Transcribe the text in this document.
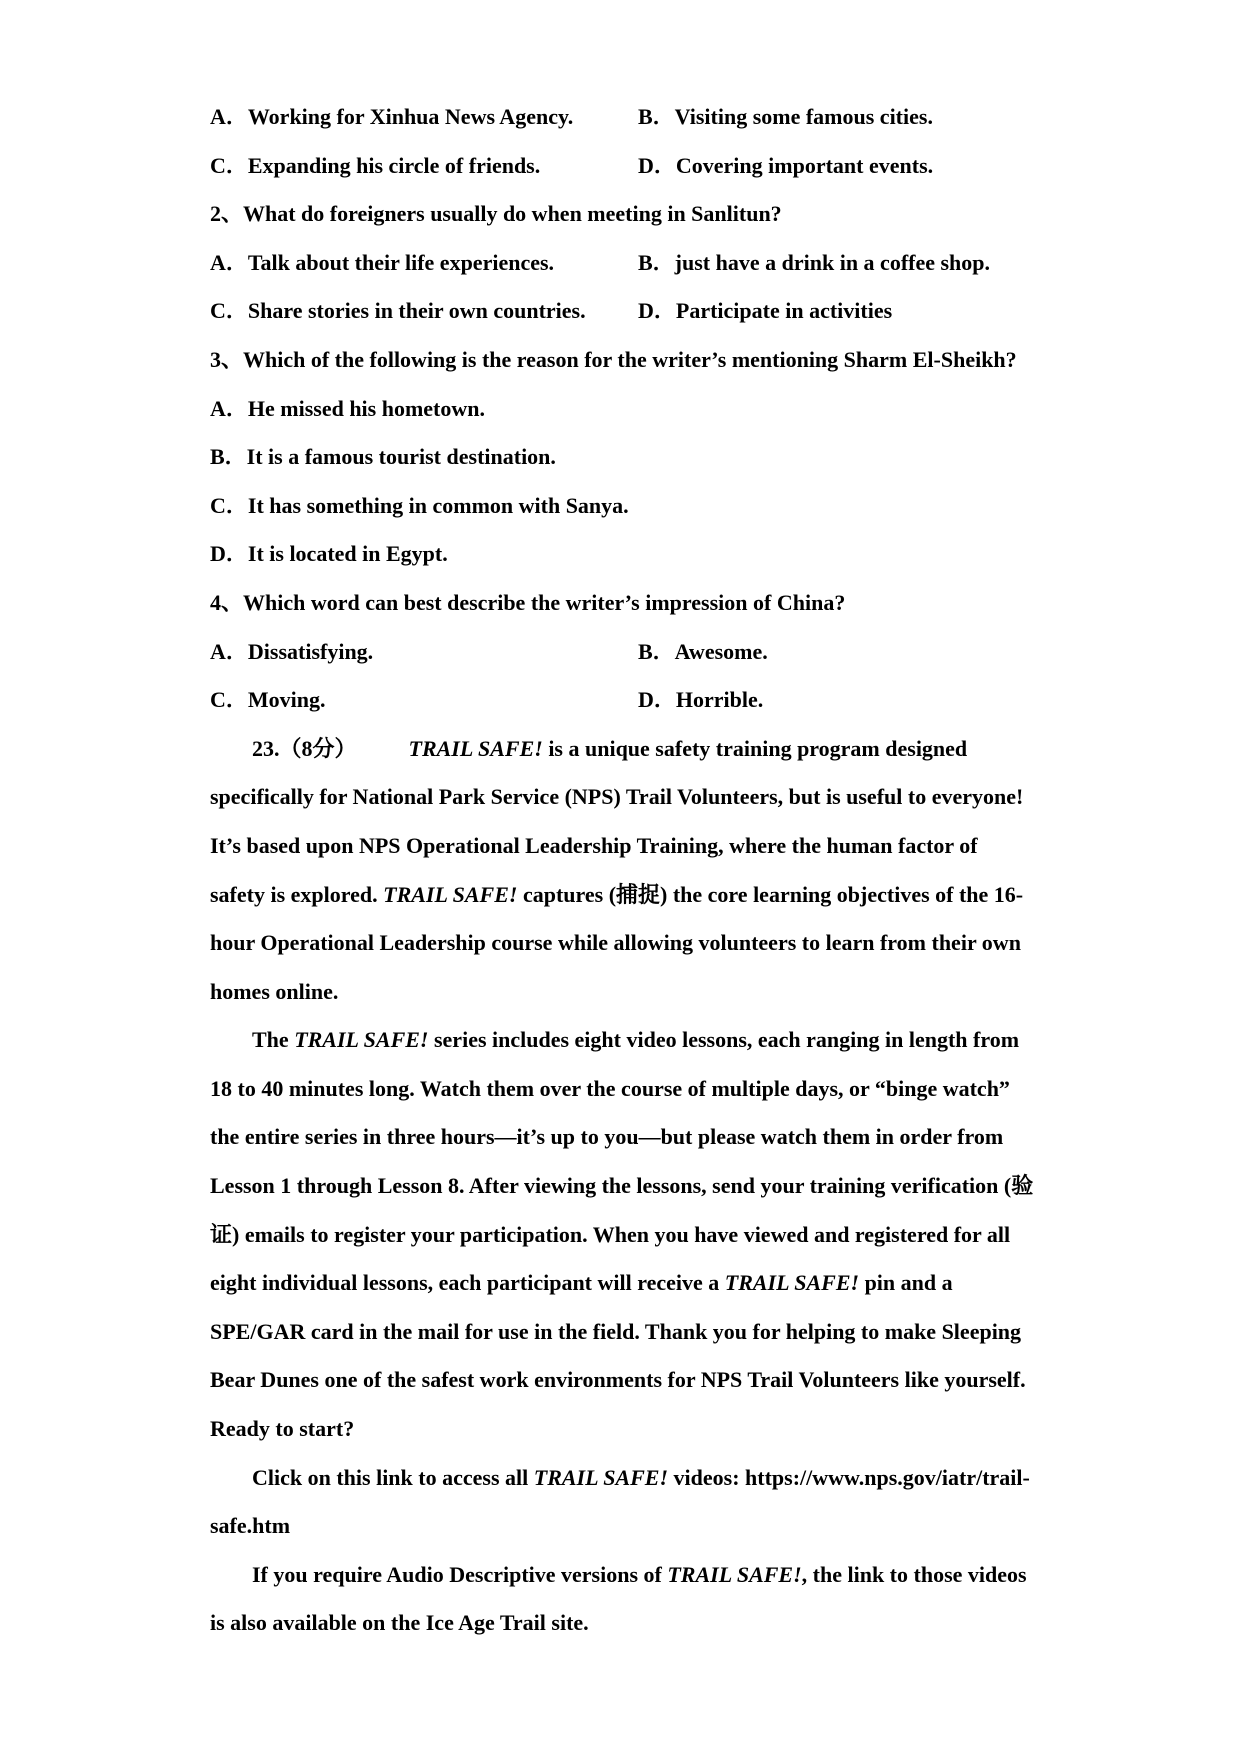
A．Working for Xinhua News Agency.	B．Visiting some famous cities.
C．Expanding his circle of friends.	D．Covering important events.
2、What do foreigners usually do when meeting in Sanlitun?
A．Talk about their life experiences.	B．just have a drink in a coffee shop.
C．Share stories in their own countries.	D．Participate in activities
3、Which of the following is the reason for the writer’s mentioning Sharm El-Sheikh?
A．He missed his hometown.
B．It is a famous tourist destination.
C．It has something in common with Sanya.
D．It is located in Egypt.
4、Which word can best describe the writer’s impression of China?
A．Dissatisfying.	B．Awesome.
C．Moving.	D．Horrible.
23.（8分） TRAIL SAFE! is a unique safety training program designed
specifically for National Park Service (NPS) Trail Volunteers, but is useful to everyone!
It’s based upon NPS Operational Leadership Training, where the human factor of
safety is explored. TRAIL SAFE! captures (捕捉) the core learning objectives of the 16-
hour Operational Leadership course while allowing volunteers to learn from their own
homes online.
The TRAIL SAFE! series includes eight video lessons, each ranging in length from
18 to 40 minutes long. Watch them over the course of multiple days, or “binge watch”
the entire series in three hours—it’s up to you—but please watch them in order from
Lesson 1 through Lesson 8. After viewing the lessons, send your training verification (验
证) emails to register your participation. When you have viewed and registered for all
eight individual lessons, each participant will receive a TRAIL SAFE! pin and a
SPE/GAR card in the mail for use in the field. Thank you for helping to make Sleeping
Bear Dunes one of the safest work environments for NPS Trail Volunteers like yourself.
Ready to start?
Click on this link to access all TRAIL SAFE! videos: https://www.nps.gov/iatr/trail-
safe.htm
If you require Audio Descriptive versions of TRAIL SAFE!, the link to those videos
is also available on the Ice Age Trail site.
